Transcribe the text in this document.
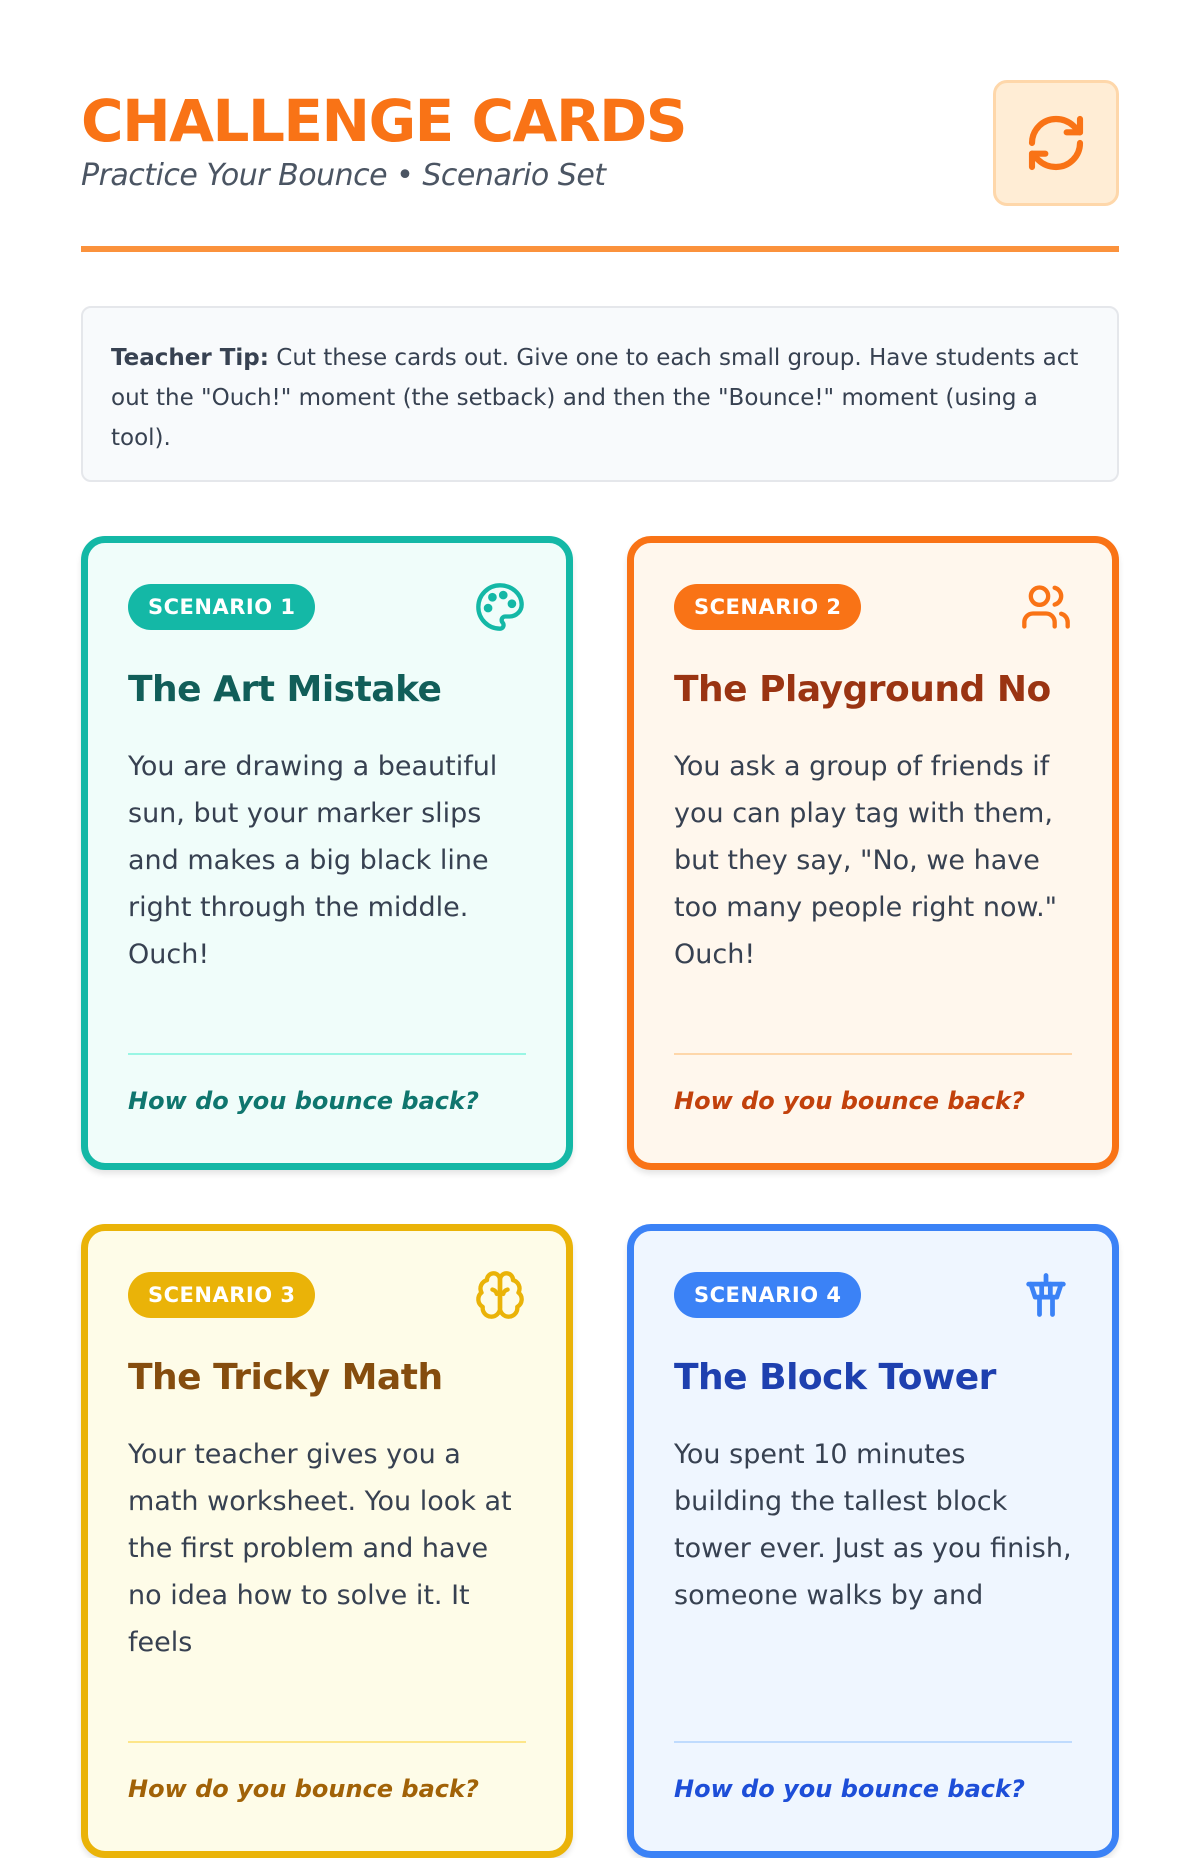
CHALLENGE CARDS
Practice Your Bounce • Scenario Set
Teacher Tip: Cut these cards out. Give one to each small group. Have students act out the "Ouch!" moment (the setback) and then the "Bounce!" moment (using a tool).
SCENARIO 1
The Art Mistake

You are drawing a beautiful sun, but your marker slips and makes a big black line right through the middle. Ouch!

How do you bounce back?
SCENARIO 2
The Playground No

You ask a group of friends if you can play tag with them, but they say, "No, we have too many people right now." Ouch!

How do you bounce back?
SCENARIO 3
The Tricky Math

Your teacher gives you a math worksheet. You look at the first problem and have no idea how to solve it. It feels

How do you bounce back?
SCENARIO 4
The Block Tower

You spent 10 minutes building the tallest block tower ever. Just as you finish, someone walks by and

How do you bounce back?
